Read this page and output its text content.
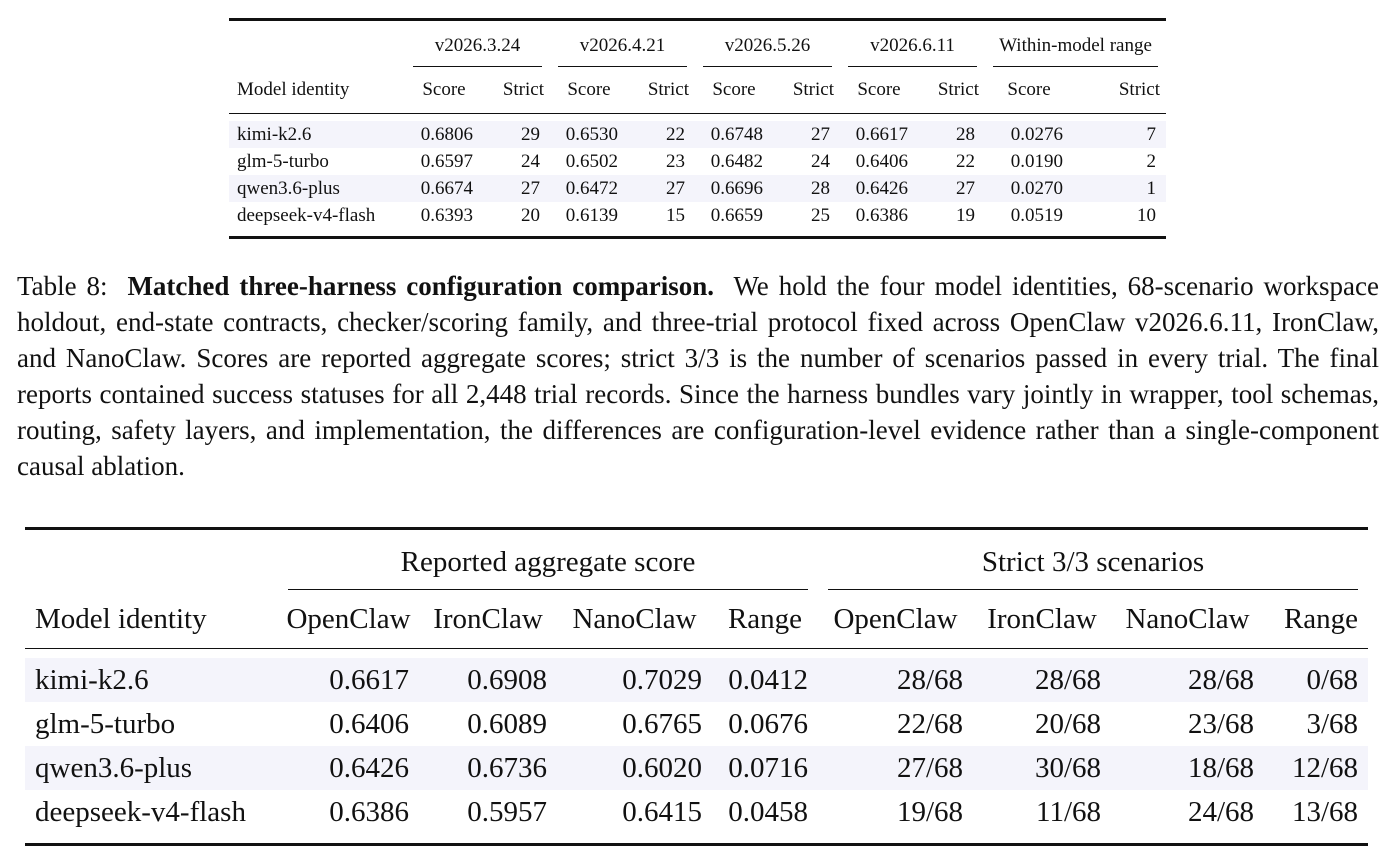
	v2026.3.24		v2026.4.21		v2026.5.26		v2026.6.11		Within-model range	
Model identity	Score	Strict	Score	Strict	Score	Strict	Score	Strict	Score	Strict

kimi-k2.6	0.6806	29	0.6530	22	0.6748	27	0.6617	28	0.0276	7
glm-5-turbo	0.6597	24	0.6502	23	0.6482	24	0.6406	22	0.0190	2
qwen3.6-plus	0.6674	27	0.6472	27	0.6696	28	0.6426	27	0.0270	1
deepseek-v4-flash	0.6393	20	0.6139	15	0.6659	25	0.6386	19	0.0519	10

Table 8: Matched three-harness configuration comparison. We hold the four model identities, 68-scenario workspace holdout, end-state contracts, checker/scoring family, and three-trial protocol fixed across OpenClaw v2026.6.11, IronClaw, and NanoClaw. Scores are reported aggregate scores; strict 3/3 is the number of scenarios passed in every trial. The final reports contained success statuses for all 2,448 trial records. Since the harness bundles vary jointly in wrapper, tool schemas, routing, safety layers, and implementation, the differences are configuration-level evidence rather than a single-component causal ablation.

	Reported aggregate score				Strict 3/3 scenarios			
Model identity	OpenClaw	IronClaw	NanoClaw	Range	OpenClaw	IronClaw	NanoClaw	Range

kimi-k2.6	0.6617	0.6908	0.7029	0.0412	28/68	28/68	28/68	0/68
glm-5-turbo	0.6406	0.6089	0.6765	0.0676	22/68	20/68	23/68	3/68
qwen3.6-plus	0.6426	0.6736	0.6020	0.0716	27/68	30/68	18/68	12/68
deepseek-v4-flash	0.6386	0.5957	0.6415	0.0458	19/68	11/68	24/68	13/68
